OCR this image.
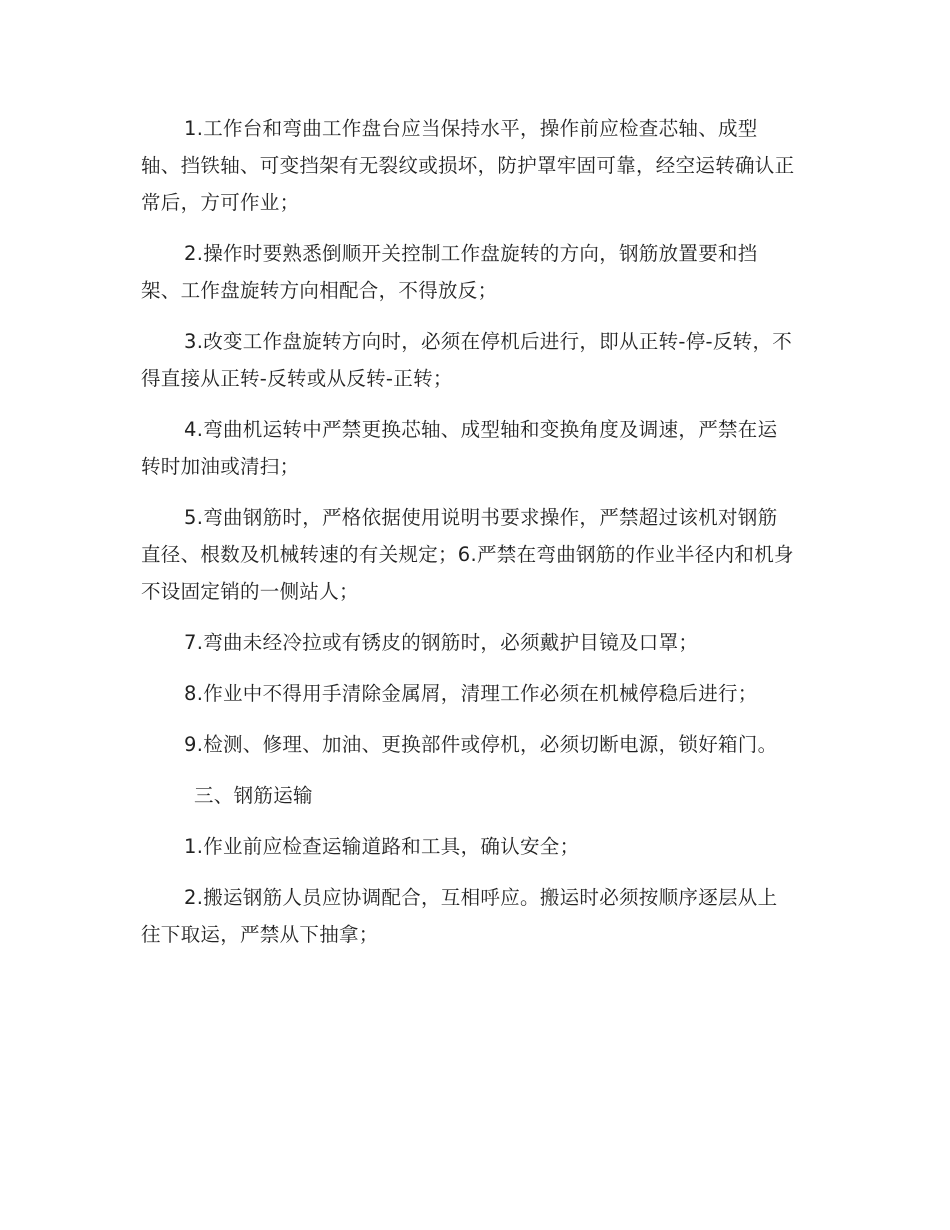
1.工作台和弯曲工作盘台应当保持水平，操作前应检查芯轴、成型轴、挡铁轴、可变挡架有无裂纹或损坏，防护罩牢固可靠，经空运转确认正常后，方可作业；

2.操作时要熟悉倒顺开关控制工作盘旋转的方向，钢筋放置要和挡架、工作盘旋转方向相配合，不得放反；

3.改变工作盘旋转方向时，必须在停机后进行，即从正转-停-反转，不得直接从正转-反转或从反转-正转；

4.弯曲机运转中严禁更换芯轴、成型轴和变换角度及调速，严禁在运转时加油或清扫；

5.弯曲钢筋时，严格依据使用说明书要求操作，严禁超过该机对钢筋直径、根数及机械转速的有关规定；6.严禁在弯曲钢筋的作业半径内和机身不设固定销的一侧站人；

7.弯曲未经冷拉或有锈皮的钢筋时，必须戴护目镜及口罩；

8.作业中不得用手清除金属屑，清理工作必须在机械停稳后进行；

9.检测、修理、加油、更换部件或停机，必须切断电源，锁好箱门。

三、钢筋运输

1.作业前应检查运输道路和工具，确认安全；

2.搬运钢筋人员应协调配合，互相呼应。搬运时必须按顺序逐层从上往下取运，严禁从下抽拿；
